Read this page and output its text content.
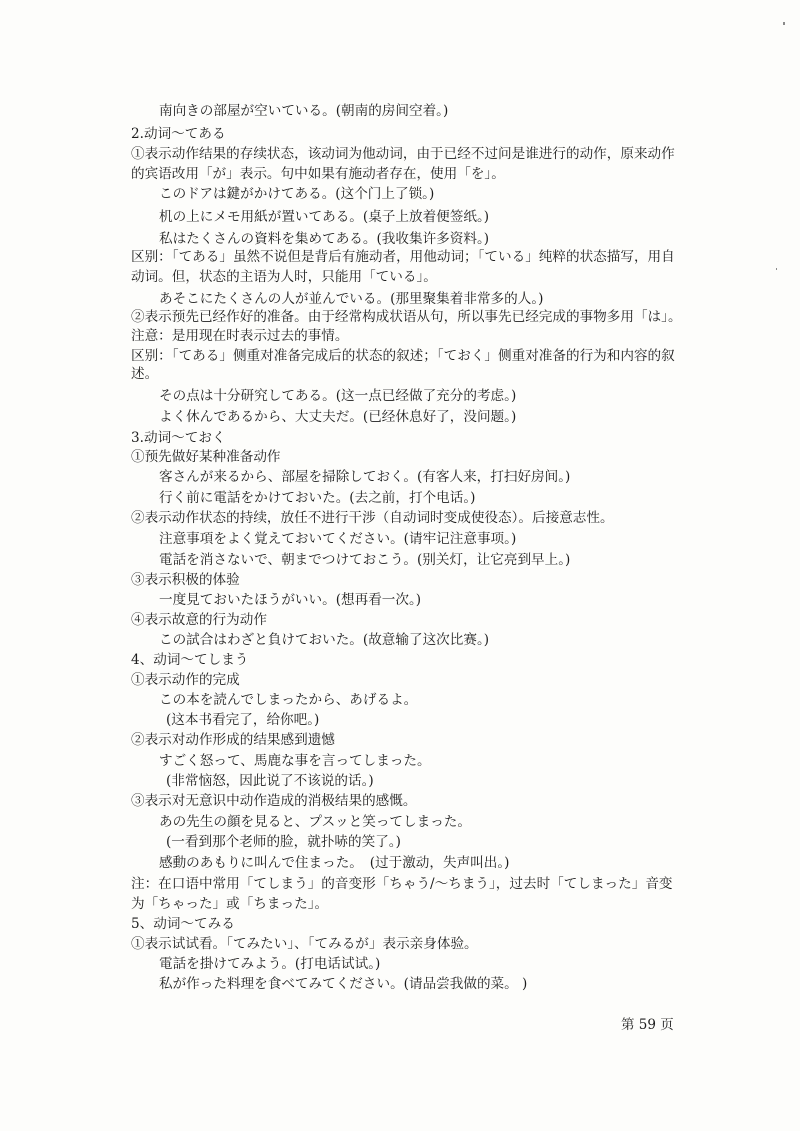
南向きの部屋が空いている。(朝南的房间空着。)
2.动词～てある
①表示动作结果的存续状态，该动词为他动词，由于已经不过问是谁进行的动作，原来动作
的宾语改用「が」表示。句中如果有施动者存在，使用「を」。
このドアは鍵がかけてある。(这个门上了锁。)
机の上にメモ用紙が置いてある。(桌子上放着便签纸。)
私はたくさんの資料を集めてある。(我收集许多资料。)
区别：「てある」虽然不说但是背后有施动者，用他动词；「ている」纯粹的状态描写，用自
动词。但，状态的主语为人时，只能用「ている」。
あそこにたくさんの人が並んでいる。(那里聚集着非常多的人。)
②表示预先已经作好的准备。由于经常构成状语从句，所以事先已经完成的事物多用「は」。
注意：是用现在时表示过去的事情。
区别：「てある」侧重对准备完成后的状态的叙述；「ておく」侧重对准备的行为和内容的叙
述。
その点は十分研究してある。(这一点已经做了充分的考虑。)
よく休んであるから、大丈夫だ。(已经休息好了，没问题。)
3.动词～ておく
①预先做好某种准备动作
客さんが来るから、部屋を掃除しておく。(有客人来，打扫好房间。)
行く前に電話をかけておいた。(去之前，打个电话。)
②表示动作状态的持续，放任不进行干涉（自动词时变成使役态）。后接意志性。
注意事項をよく覚えておいてください。(请牢记注意事项。)
電話を消さないで、朝までつけておこう。(别关灯，让它亮到早上。)
③表示积极的体验
一度見ておいたほうがいい。(想再看一次。)
④表示故意的行为动作
この試合はわざと負けておいた。(故意输了这次比赛。)
4、动词～てしまう
①表示动作的完成
この本を読んでしまったから、あげるよ。
(这本书看完了，给你吧。)
②表示对动作形成的结果感到遗憾
すごく怒って、馬鹿な事を言ってしまった。
(非常恼怒，因此说了不该说的话。)
③表示对无意识中动作造成的消极结果的感慨。
あの先生の顔を見ると、プスッと笑ってしまった。
(一看到那个老师的脸，就扑哧的笑了。)
感動のあもりに叫んで住まった。　(过于激动，失声叫出。)
注：在口语中常用「てしまう」的音变形「ちゃう/～ちまう」，过去时「てしまった」音变
为「ちゃった」或「ちまった」。
5、动词～てみる
①表示试试看。「てみたい」、「てみるが」表示亲身体验。
電話を掛けてみよう。(打电话试试。)
私が作った料理を食べてみてください。(请品尝我做的菜。 )
第 59 页
